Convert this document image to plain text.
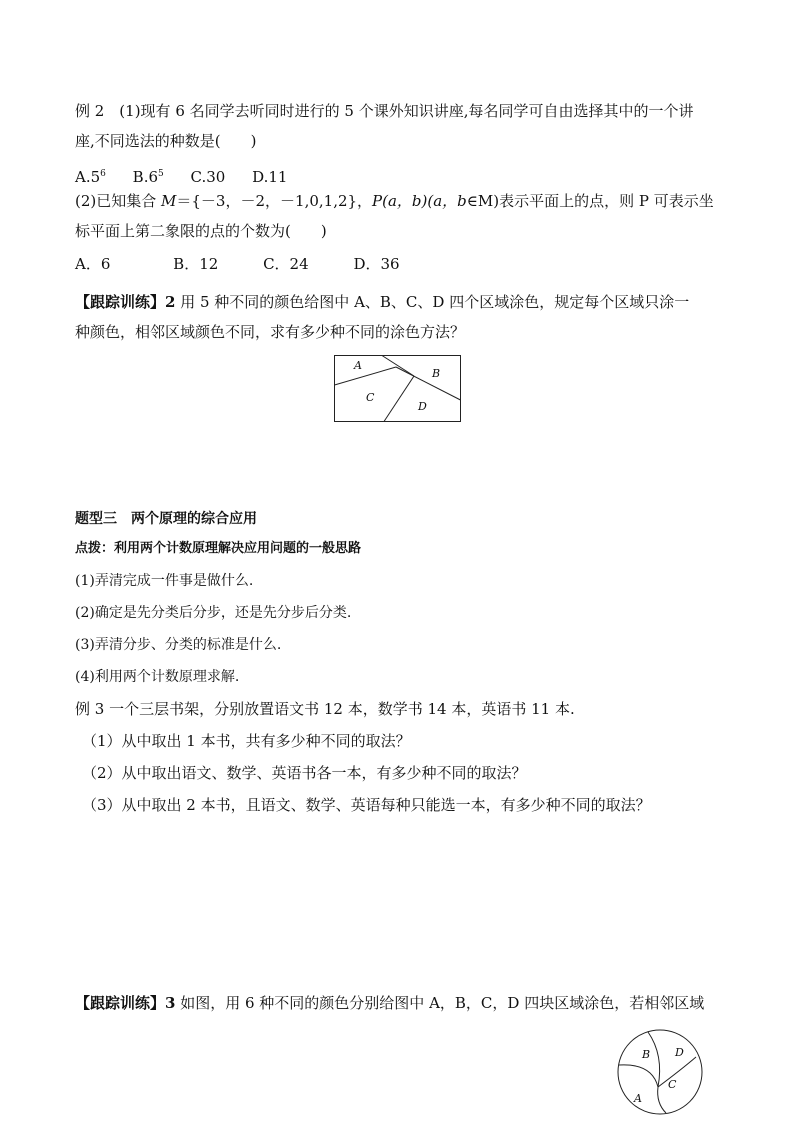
例 2　(1)现有 6 名同学去听同时进行的 5 个课外知识讲座,每名同学可自由选择其中的一个讲
座,不同选法的种数是(　　)
$A.5^6$ $B.6^5$ C.30 D.11
(2)已知集合 M＝{－3，－2，－1,0,1,2}，P(a，b)(a，b∈M)表示平面上的点，则 P 可表示坐
标平面上第二象限的点的个数为(　　)
A．6	B．12	C．24	D．36
【跟踪训练】2 用 5 种不同的颜色给图中 A、B、C、D 四个区域涂色，规定每个区域只涂一
种颜色，相邻区域颜色不同，求有多少种不同的涂色方法？
A
B
C
D
题型三　两个原理的综合应用
点拨：利用两个计数原理解决应用问题的一般思路
(1)弄清完成一件事是做什么.
(2)确定是先分类后分步，还是先分步后分类.
(3)弄清分步、分类的标准是什么.
(4)利用两个计数原理求解.
例 3 一个三层书架，分别放置语文书 12 本，数学书 14 本，英语书 11 本.
（1）从中取出 1 本书，共有多少种不同的取法？
（2）从中取出语文、数学、英语书各一本，有多少种不同的取法？
（3）从中取出 2 本书，且语文、数学、英语每种只能选一本，有多少种不同的取法？
【跟踪训练】3 如图，用 6 种不同的颜色分别给图中 A，B，C，D 四块区域涂色，若相邻区域
B D
C
A
